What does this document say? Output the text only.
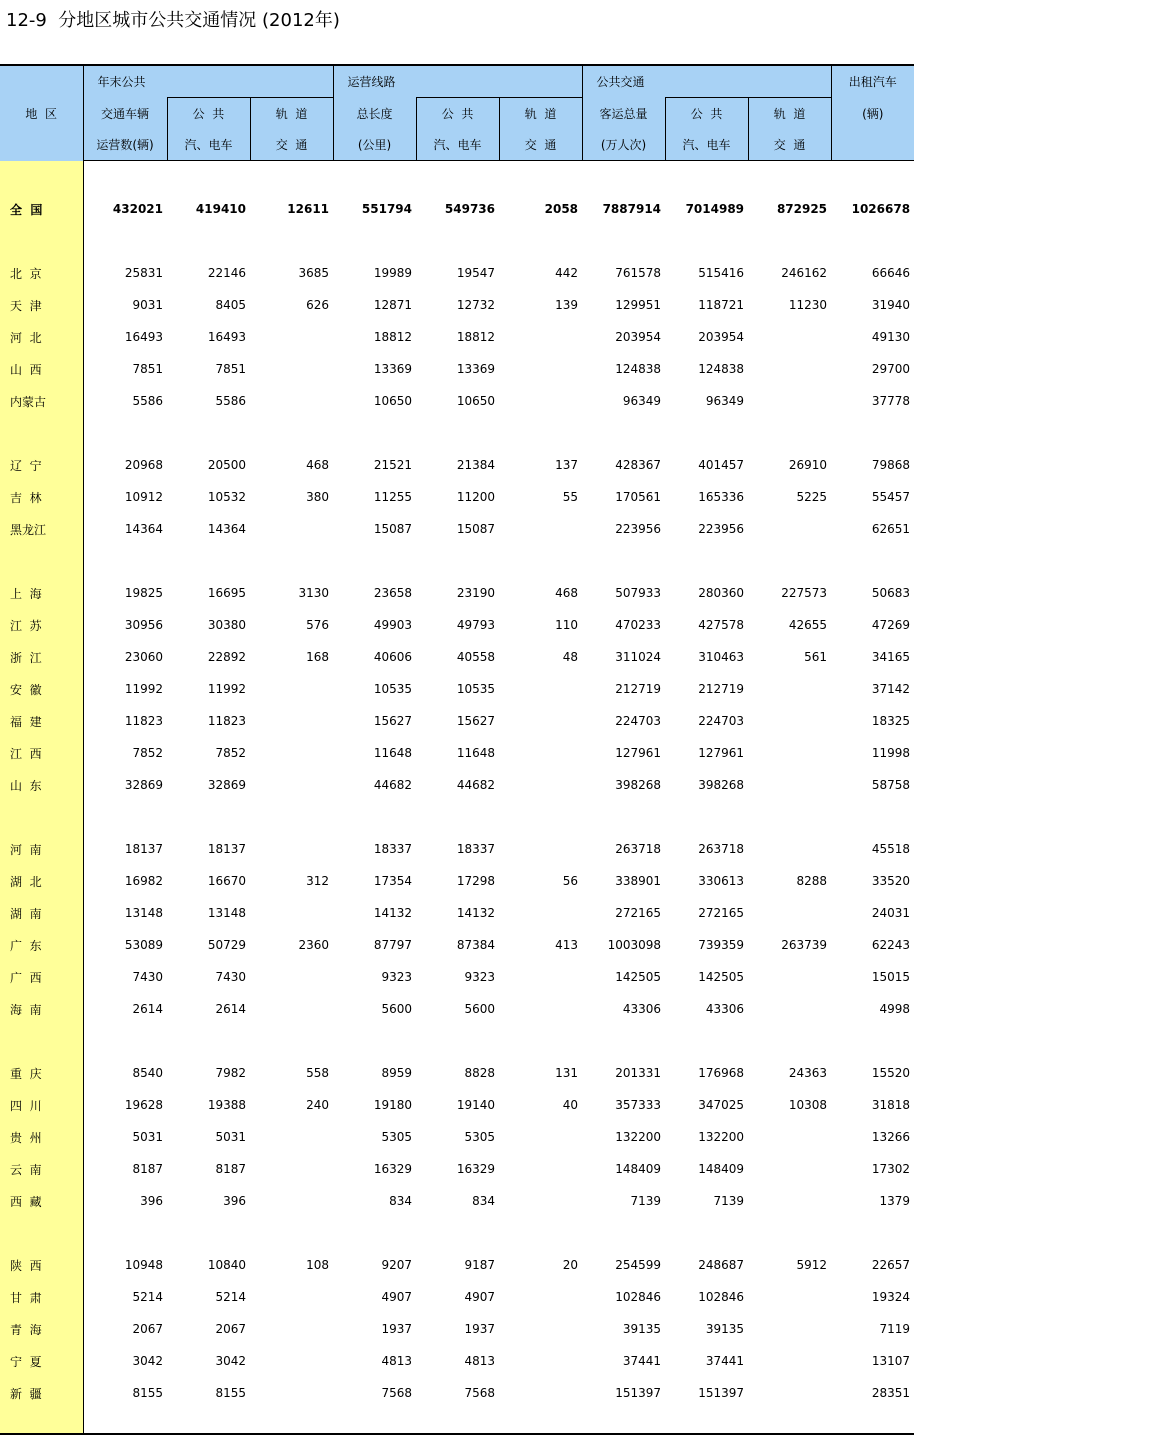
12-9  分地区城市公共交通情况 (2012年)
地  区	年末公共			运营线路			公共交通			出租汽车
	交通车辆	公  共	轨  道	总长度	公  共	轨  道	客运总量	公  共	轨  道	(辆)
	运营数(辆)	汽、电车	交  通	(公里)	汽、电车	交  通	(万人次)	汽、电车	交  通	

全  国	432021	419410	12611	551794	549736	2058	7887914	7014989	872925	1026678

北  京	25831	22146	3685	19989	19547	442	761578	515416	246162	66646
天  津	9031	8405	626	12871	12732	139	129951	118721	11230	31940
河  北	16493	16493		18812	18812		203954	203954		49130
山  西	7851	7851		13369	13369		124838	124838		29700
内蒙古	5586	5586		10650	10650		96349	96349		37778

辽  宁	20968	20500	468	21521	21384	137	428367	401457	26910	79868
吉  林	10912	10532	380	11255	11200	55	170561	165336	5225	55457
黑龙江	14364	14364		15087	15087		223956	223956		62651

上  海	19825	16695	3130	23658	23190	468	507933	280360	227573	50683
江  苏	30956	30380	576	49903	49793	110	470233	427578	42655	47269
浙  江	23060	22892	168	40606	40558	48	311024	310463	561	34165
安  徽	11992	11992		10535	10535		212719	212719		37142
福  建	11823	11823		15627	15627		224703	224703		18325
江  西	7852	7852		11648	11648		127961	127961		11998
山  东	32869	32869		44682	44682		398268	398268		58758

河  南	18137	18137		18337	18337		263718	263718		45518
湖  北	16982	16670	312	17354	17298	56	338901	330613	8288	33520
湖  南	13148	13148		14132	14132		272165	272165		24031
广  东	53089	50729	2360	87797	87384	413	1003098	739359	263739	62243
广  西	7430	7430		9323	9323		142505	142505		15015
海  南	2614	2614		5600	5600		43306	43306		4998

重  庆	8540	7982	558	8959	8828	131	201331	176968	24363	15520
四  川	19628	19388	240	19180	19140	40	357333	347025	10308	31818
贵  州	5031	5031		5305	5305		132200	132200		13266
云  南	8187	8187		16329	16329		148409	148409		17302
西  藏	396	396		834	834		7139	7139		1379

陕  西	10948	10840	108	9207	9187	20	254599	248687	5912	22657
甘  肃	5214	5214		4907	4907		102846	102846		19324
青  海	2067	2067		1937	1937		39135	39135		7119
宁  夏	3042	3042		4813	4813		37441	37441		13107
新  疆	8155	8155		7568	7568		151397	151397		28351
